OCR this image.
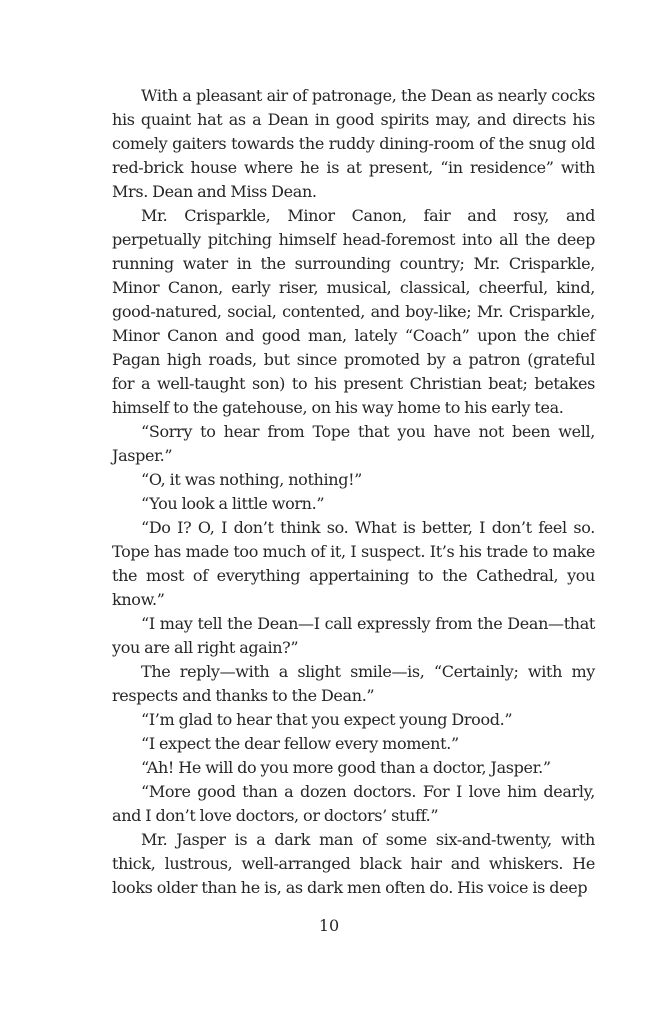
With a pleasant air of patronage, the Dean as nearly cocks his quaint hat as a Dean in good spirits may, and directs his comely gaiters towards the ruddy dining-room of the snug old red-brick house where he is at present, “in residence” with Mrs. Dean and Miss Dean.

Mr. Crisparkle, Minor Canon, fair and rosy, and perpetually pitching himself head-foremost into all the deep running water in the surrounding country; Mr. Crisparkle, Minor Canon, early riser, musical, classical, cheerful, kind, good-natured, social, contented, and boy-like; Mr. Crisparkle, Minor Canon and good man, lately “Coach” upon the chief Pagan high roads, but since promoted by a patron (grateful for a well-taught son) to his present Christian beat; betakes himself to the gatehouse, on his way home to his early tea.

“Sorry to hear from Tope that you have not been well, Jasper.”

“O, it was nothing, nothing!”

“You look a little worn.”

“Do I? O, I don’t think so. What is better, I don’t feel so. Tope has made too much of it, I suspect. It’s his trade to make the most of everything appertaining to the Cathedral, you know.”

“I may tell the Dean—I call expressly from the Dean—that you are all right again?”

The reply—with a slight smile—is, “Certainly; with my respects and thanks to the Dean.”

“I’m glad to hear that you expect young Drood.”

“I expect the dear fellow every moment.”

“Ah! He will do you more good than a doctor, Jasper.”

“More good than a dozen doctors. For I love him dearly, and I don’t love doctors, or doctors’ stuff.”

Mr. Jasper is a dark man of some six-and-twenty, with thick, lustrous, well-arranged black hair and whiskers. He looks older than he is, as dark men often do. His voice is deep

10
